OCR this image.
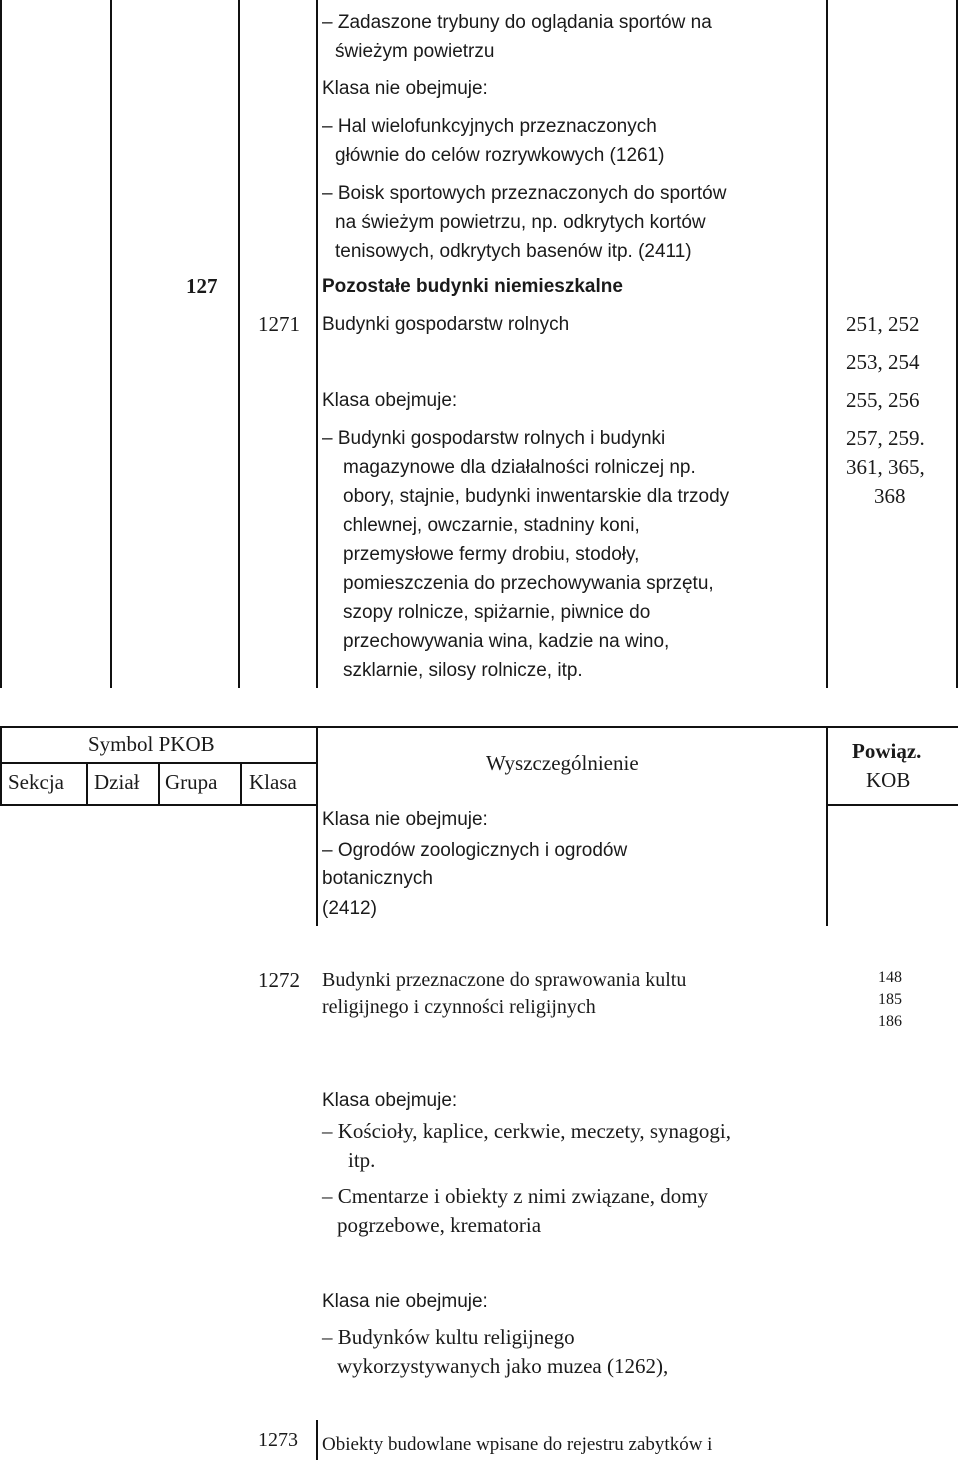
– Zadaszone trybuny do oglądania sportów na
świeżym powietrzu
Klasa nie obejmuje:
– Hal wielofunkcyjnych przeznaczonych
głównie do celów rozrywkowych (1261)
– Boisk sportowych przeznaczonych do sportów
na świeżym powietrzu, np. odkrytych kortów
tenisowych, odkrytych basenów itp. (2411)
127	Pozostałe budynki niemieszkalne
1271 Budynki gospodarstw rolnych
Klasa obejmuje:
– Budynki gospodarstw rolnych i budynki
magazynowe dla działalności rolniczej np.
obory, stajnie, budynki inwentarskie dla trzody
chlewnej, owczarnie, stadniny koni,
przemysłowe fermy drobiu, stodoły,
pomieszczenia do przechowywania sprzętu,
szopy rolnicze, spiżarnie, piwnice do
przechowywania wina, kadzie na wino,
szklarnie, silosy rolnicze, itp.
251, 252
253, 254
255, 256
257, 259.
361, 365,
368
Symbol PKOB
Sekcja Dział Grupa Klasa
Wyszczególnienie	Powiąz.
KOB
Klasa nie obejmuje:
– Ogrodów zoologicznych i ogrodów
botanicznych
(2412)
1272 Budynki przeznaczone do sprawowania kultu
religijnego i czynności religijnych
148
185
186
Klasa obejmuje:
– Kościoły, kaplice, cerkwie, meczety, synagogi,
itp.
– Cmentarze i obiekty z nimi związane, domy
pogrzebowe, krematoria
Klasa nie obejmuje:
– Budynków kultu religijnego
wykorzystywanych jako muzea (1262),
1273 Obiekty budowlane wpisane do rejestru zabytków i
